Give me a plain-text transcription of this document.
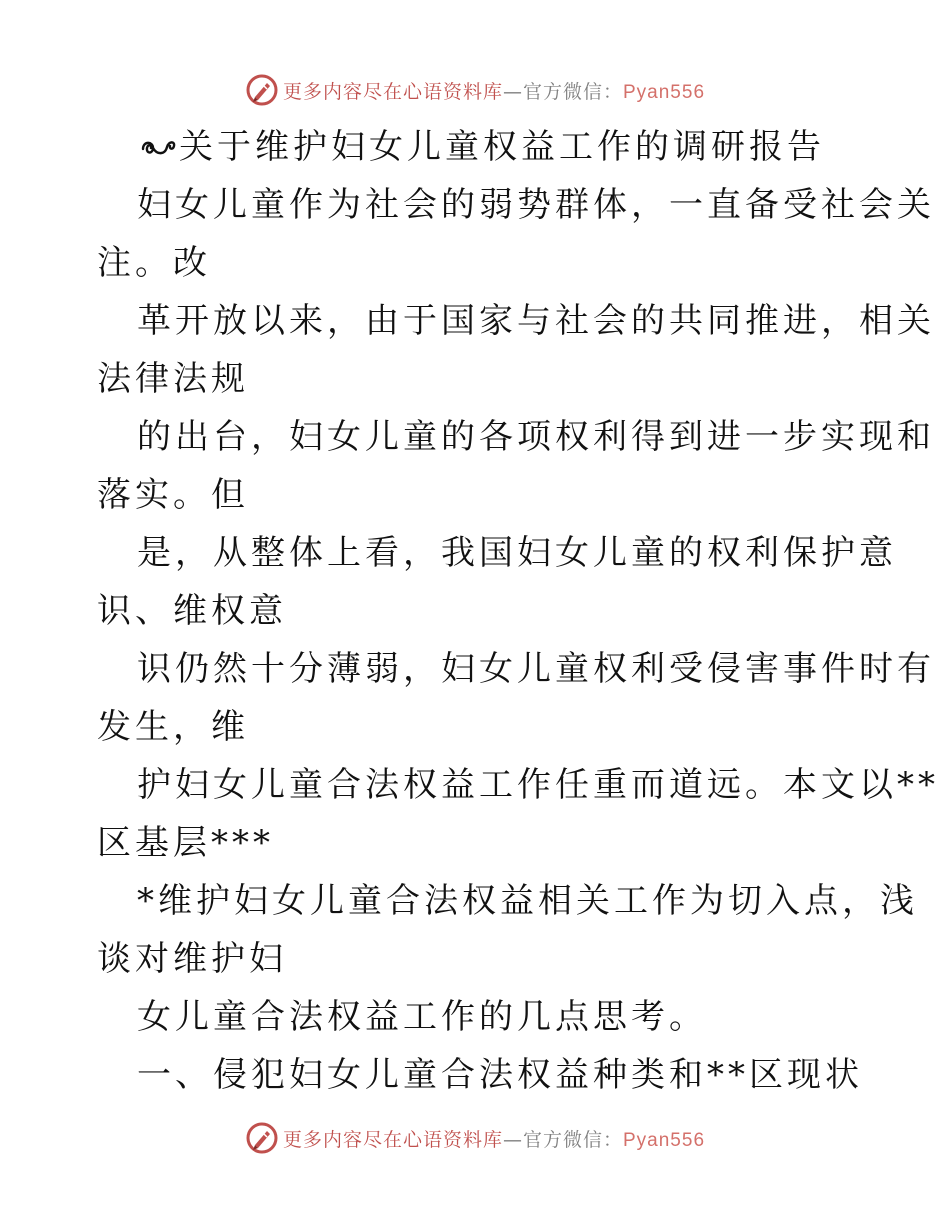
更多内容尽在心语资料库—官方微信：Pyan556
关于维护妇女儿童权益工作的调研报告
妇女儿童作为社会的弱势群体，一直备受社会关
注。改
革开放以来，由于国家与社会的共同推进，相关
法律法规
的出台，妇女儿童的各项权利得到进一步实现和
落实。但
是，从整体上看，我国妇女儿童的权利保护意
识、维权意
识仍然十分薄弱，妇女儿童权利受侵害事件时有
发生，维
护妇女儿童合法权益工作任重而道远。本文以**
区基层***
*维护妇女儿童合法权益相关工作为切入点，浅
谈对维护妇
女儿童合法权益工作的几点思考。
一、侵犯妇女儿童合法权益种类和**区现状
更多内容尽在心语资料库—官方微信：Pyan556
